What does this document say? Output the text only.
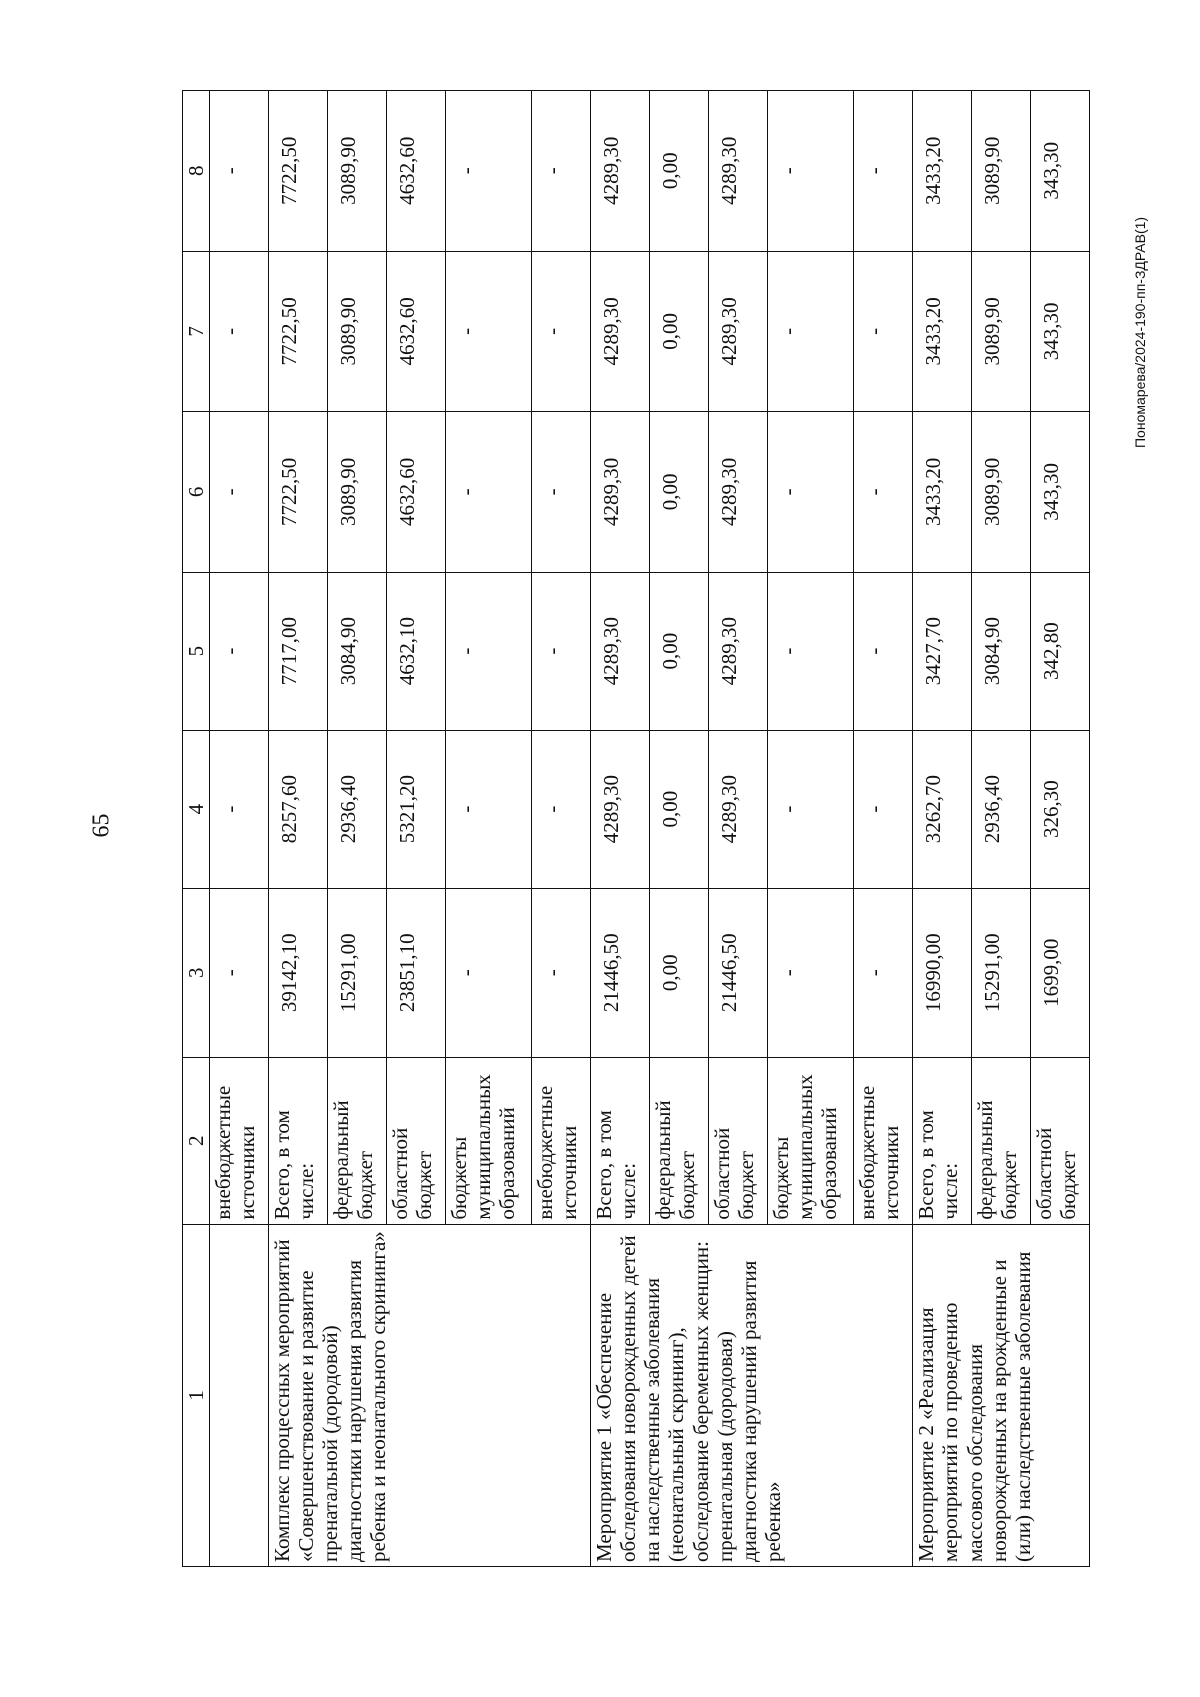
65
Пономарева/2024-190-пп-ЗДРАВ(1)
1	2	3	4	5	6	7	8
	внебюджетные источники	-	-	-	-	-	-
Комплекс процессных мероприятий «Совершенствование и развитие пренатальной (дородовой) диагностики нарушения развития ребенка и неонатального скрининга»	Всего, в том числе:	39142,10	8257,60	7717,00	7722,50	7722,50	7722,50
	федеральный бюджет	15291,00	2936,40	3084,90	3089,90	3089,90	3089,90
	областной бюджет	23851,10	5321,20	4632,10	4632,60	4632,60	4632,60
	бюджеты муниципальных образований	-	-	-	-	-	-
	внебюджетные источники	-	-	-	-	-	-
Мероприятие 1 «Обеспечение обследования новорожденных детей на наследственные заболевания (неонатальный скрининг), обследование беременных женщин: пренатальная (дородовая) диагностика нарушений развития ребенка»	Всего, в том числе:	21446,50	4289,30	4289,30	4289,30	4289,30	4289,30
	федеральный бюджет	0,00	0,00	0,00	0,00	0,00	0,00
	областной бюджет	21446,50	4289,30	4289,30	4289,30	4289,30	4289,30
	бюджеты муниципальных образований	-	-	-	-	-	-
	внебюджетные источники	-	-	-	-	-	-
Мероприятие 2 «Реализация мероприятий по проведению массового обследования новорожденных на врожденные и (или) наследственные заболевания	Всего, в том числе:	16990,00	3262,70	3427,70	3433,20	3433,20	3433,20
	федеральный бюджет	15291,00	2936,40	3084,90	3089,90	3089,90	3089,90
	областной бюджет	1699,00	326,30	342,80	343,30	343,30	343,30
